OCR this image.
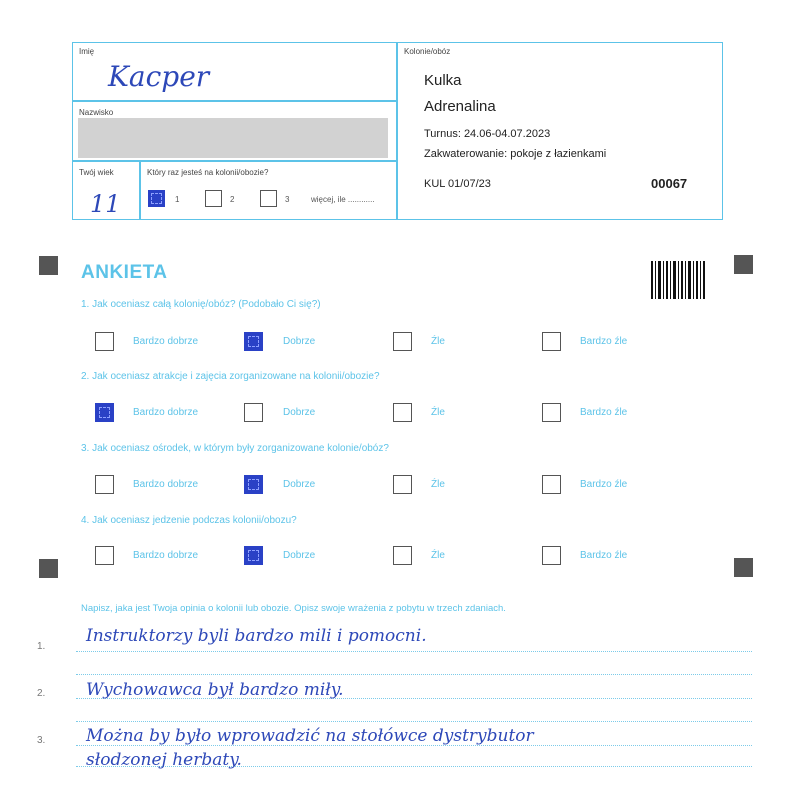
Imię
Kacper
Nazwisko
Twój wiek
11
Który raz jesteś na kolonii/obozie?
1	2	3	więcej, ile ............
Kolonie/obóz
Kulka
Adrenalina
Turnus: 24.06-04.07.2023
Zakwaterowanie: pokoje z łazienkami
KUL 01/07/23	00067
ANKIETA
1. Jak oceniasz całą kolonię/obóz? (Podobało Ci się?)
Bardzo dobrze	Dobrze	Źle	Bardzo źle
2. Jak oceniasz atrakcje i zajęcia zorganizowane na kolonii/obozie?
Bardzo dobrze	Dobrze	Źle	Bardzo źle
3. Jak oceniasz ośrodek, w którym były zorganizowane kolonie/obóz?
Bardzo dobrze	Dobrze	Źle	Bardzo źle
4. Jak oceniasz jedzenie podczas kolonii/obozu?
Bardzo dobrze	Dobrze	Źle	Bardzo źle
Napisz, jaka jest Twoja opinia o kolonii lub obozie. Opisz swoje wrażenia z pobytu w trzech zdaniach.
1.
2.
3.
Instruktorzy byli bardzo mili i pomocni.
Wychowawca był bardzo miły.
Można by było wprowadzić na stołówce dystrybutor
słodzonej herbaty.
